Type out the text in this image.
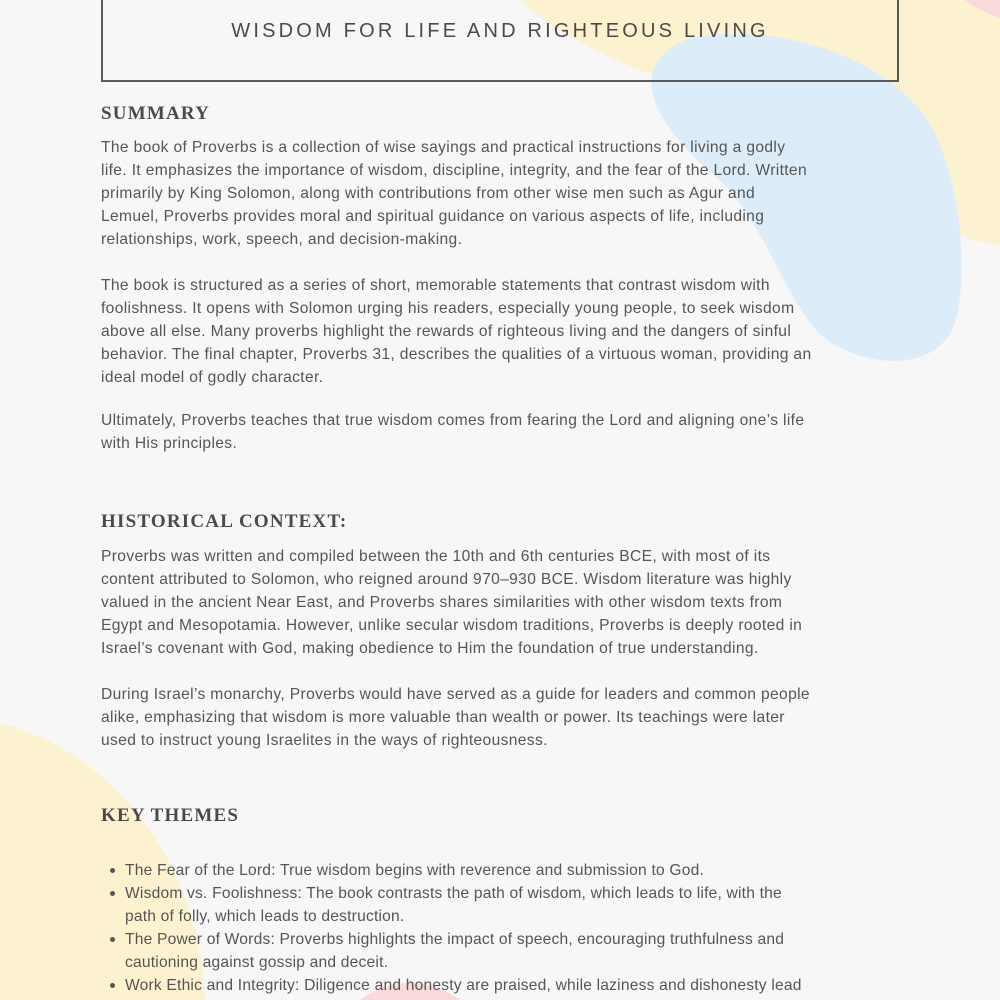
WISDOM FOR LIFE AND RIGHTEOUS LIVING
SUMMARY
The book of Proverbs is a collection of wise sayings and practical instructions for living a godly
life. It emphasizes the importance of wisdom, discipline, integrity, and the fear of the Lord. Written
primarily by King Solomon, along with contributions from other wise men such as Agur and
Lemuel, Proverbs provides moral and spiritual guidance on various aspects of life, including
relationships, work, speech, and decision-making.
The book is structured as a series of short, memorable statements that contrast wisdom with
foolishness. It opens with Solomon urging his readers, especially young people, to seek wisdom
above all else. Many proverbs highlight the rewards of righteous living and the dangers of sinful
behavior. The final chapter, Proverbs 31, describes the qualities of a virtuous woman, providing an
ideal model of godly character.
Ultimately, Proverbs teaches that true wisdom comes from fearing the Lord and aligning one’s life
with His principles.
HISTORICAL CONTEXT:
Proverbs was written and compiled between the 10th and 6th centuries BCE, with most of its
content attributed to Solomon, who reigned around 970–930 BCE. Wisdom literature was highly
valued in the ancient Near East, and Proverbs shares similarities with other wisdom texts from
Egypt and Mesopotamia. However, unlike secular wisdom traditions, Proverbs is deeply rooted in
Israel’s covenant with God, making obedience to Him the foundation of true understanding.
During Israel’s monarchy, Proverbs would have served as a guide for leaders and common people
alike, emphasizing that wisdom is more valuable than wealth or power. Its teachings were later
used to instruct young Israelites in the ways of righteousness.
KEY THEMES
The Fear of the Lord: True wisdom begins with reverence and submission to God.
Wisdom vs. Foolishness: The book contrasts the path of wisdom, which leads to life, with the
path of folly, which leads to destruction.
The Power of Words: Proverbs highlights the impact of speech, encouraging truthfulness and
cautioning against gossip and deceit.
Work Ethic and Integrity: Diligence and honesty are praised, while laziness and dishonesty lead
